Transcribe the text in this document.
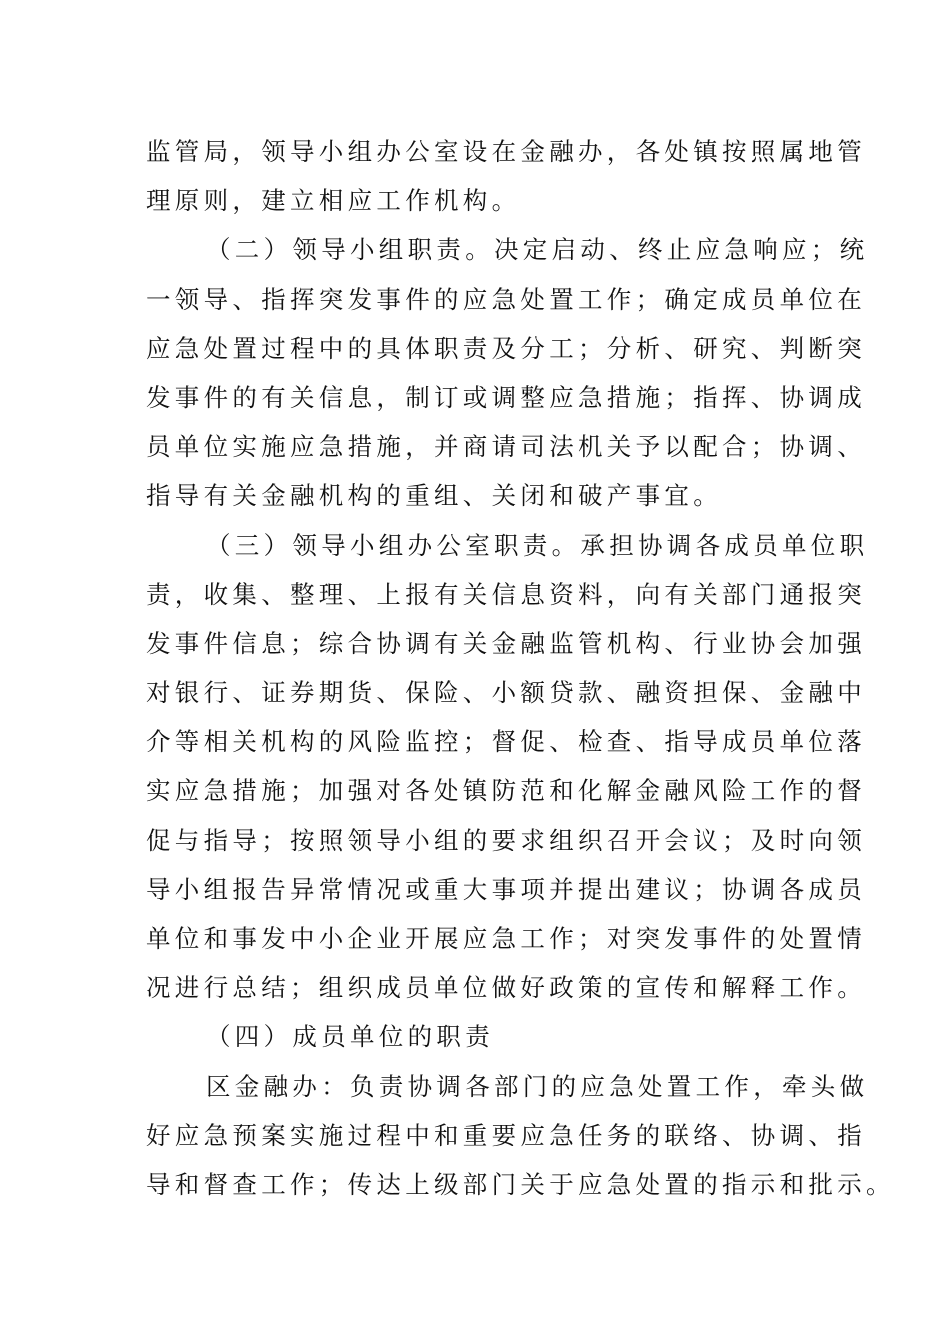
监管局，领导小组办公室设在金融办，各处镇按照属地管
理原则，建立相应工作机构。
（二）领导小组职责。决定启动、终止应急响应；统
一领导、指挥突发事件的应急处置工作；确定成员单位在
应急处置过程中的具体职责及分工；分析、研究、判断突
发事件的有关信息，制订或调整应急措施；指挥、协调成
员单位实施应急措施，并商请司法机关予以配合；协调、
指导有关金融机构的重组、关闭和破产事宜。
（三）领导小组办公室职责。承担协调各成员单位职
责，收集、整理、上报有关信息资料，向有关部门通报突
发事件信息；综合协调有关金融监管机构、行业协会加强
对银行、证券期货、保险、小额贷款、融资担保、金融中
介等相关机构的风险监控；督促、检查、指导成员单位落
实应急措施；加强对各处镇防范和化解金融风险工作的督
促与指导；按照领导小组的要求组织召开会议；及时向领
导小组报告异常情况或重大事项并提出建议；协调各成员
单位和事发中小企业开展应急工作；对突发事件的处置情
况进行总结；组织成员单位做好政策的宣传和解释工作。
（四）成员单位的职责
区金融办：负责协调各部门的应急处置工作，牵头做
好应急预案实施过程中和重要应急任务的联络、协调、指
导和督查工作；传达上级部门关于应急处置的指示和批示。
